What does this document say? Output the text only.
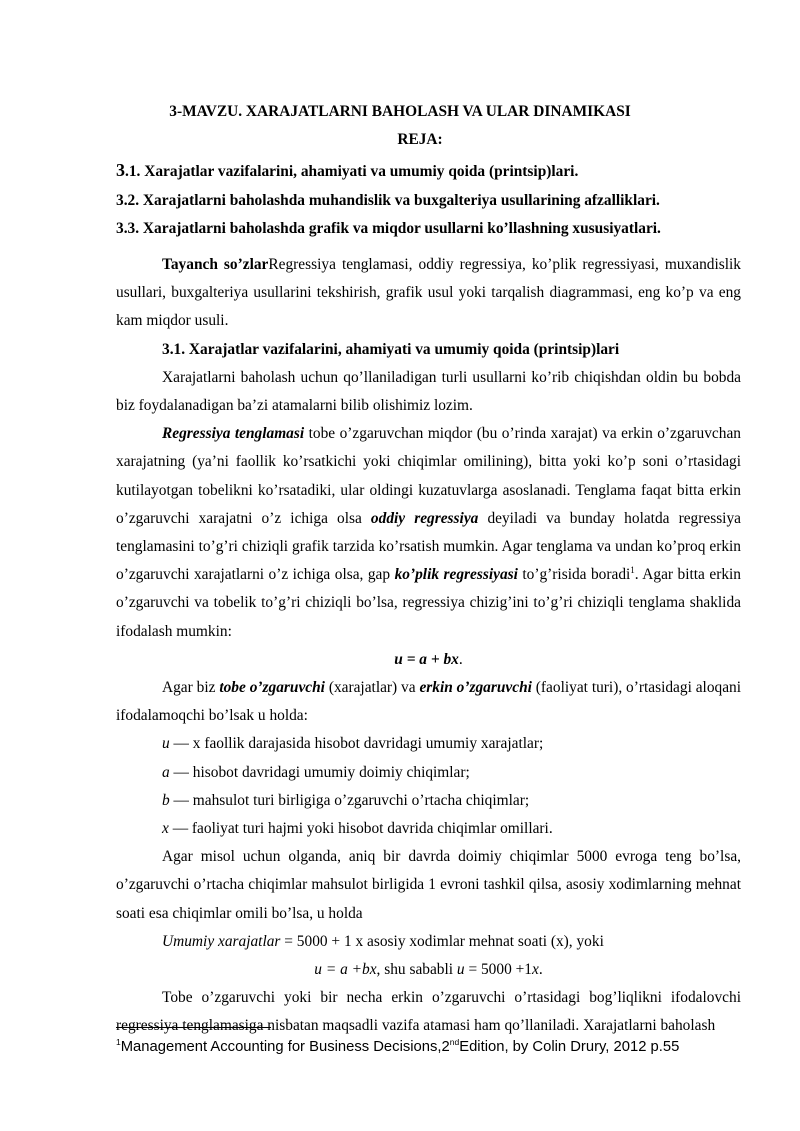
3-MAVZU. XARAJATLARNI BAHOLASH VA ULAR DINAMIKASI
REJA:
3.1. Xarajatlar vazifalarini, ahamiyati va umumiy qoida (printsip)lari.
3.2. Xarajatlarni baholashda muhandislik va buxgalteriya usullarining afzalliklari.
3.3. Xarajatlarni baholashda grafik va miqdor usullarni ko’llashning xususiyatlari.

Tayanch so’zlarRegressiya tenglamasi, oddiy regressiya, ko’plik regressiyasi, muxandislik usullari, buxgalteriya usullarini tekshirish, grafik usul yoki tarqalish diagrammasi, eng ko’p va eng kam miqdor usuli.

3.1. Xarajatlar vazifalarini, ahamiyati va umumiy qoida (printsip)lari

Xarajatlarni baholash uchun qo’llaniladigan turli usullarni ko’rib chiqishdan oldin bu bobda biz foydalanadigan ba’zi atamalarni bilib olishimiz lozim.

Regressiya tenglamasi tobe o’zgaruvchan miqdor (bu o’rinda xarajat) va erkin o’zgaruvchan xarajatning (ya’ni faollik ko’rsatkichi yoki chiqimlar omilining), bitta yoki ko’p soni o’rtasidagi kutilayotgan tobelikni ko’rsatadiki, ular oldingi kuzatuvlarga asoslanadi. Tenglama faqat bitta erkin o’zgaruvchi xarajatni o’z ichiga olsa oddiy regressiya deyiladi va bunday holatda regressiya tenglamasini to’g’ri chiziqli grafik tarzida ko’rsatish mumkin. Agar tenglama va undan ko’proq erkin o’zgaruvchi xarajatlarni o’z ichiga olsa, gap ko’plik regressiyasi to’g’risida boradi$^1$. Agar bitta erkin o’zgaruvchi va tobelik to’g’ri chiziqli bo’lsa, regressiya chizig’ini to’g’ri chiziqli tenglama shaklida ifodalash mumkin:

u = a + bx.

Agar biz tobe o’zgaruvchi (xarajatlar) va erkin o’zgaruvchi (faoliyat turi), o’rtasidagi aloqani ifodalamoqchi bo’lsak u holda:

u — x faollik darajasida hisobot davridagi umumiy xarajatlar;

a — hisobot davridagi umumiy doimiy chiqimlar;

b — mahsulot turi birligiga o’zgaruvchi o’rtacha chiqimlar;

x — faoliyat turi hajmi yoki hisobot davrida chiqimlar omillari.

Agar misol uchun olganda, aniq bir davrda doimiy chiqimlar 5000 evroga teng bo’lsa, o’zgaruvchi o’rtacha chiqimlar mahsulot birligida 1 evroni tashkil qilsa, asosiy xodimlarning mehnat soati esa chiqimlar omili bo’lsa, u holda

Umumiy xarajatlar = 5000 + 1 x asosiy xodimlar mehnat soati (x), yoki

u = a +bx, shu sababli u = 5000 +1x.

Tobe o’zgaruvchi yoki bir necha erkin o’zgaruvchi o’rtasidagi bog’liqlikni ifodalovchi regressiya tenglamasiga nisbatan maqsadli vazifa atamasi ham qo’llaniladi. Xarajatlarni baholash

$^1$Management Accounting for Business Decisions,2ndEdition, by Colin Drury, 2012 p.55
